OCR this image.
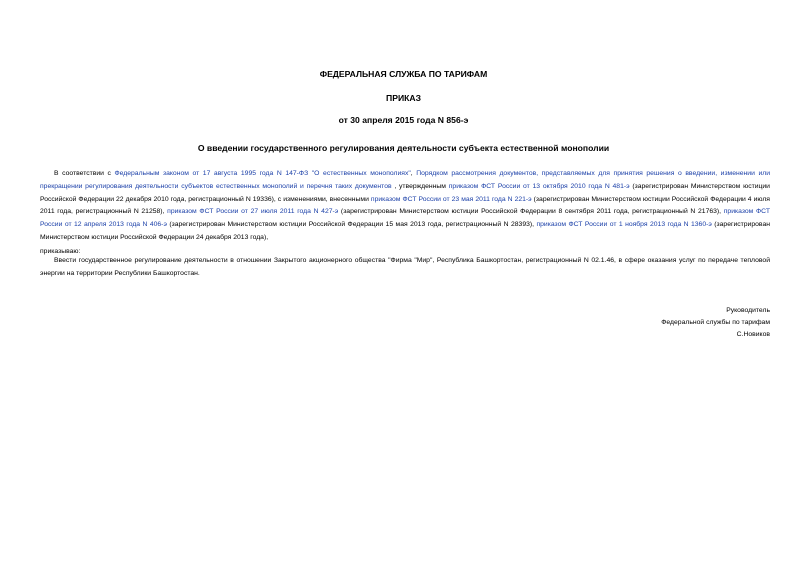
ФЕДЕРАЛЬНАЯ СЛУЖБА ПО ТАРИФАМ
ПРИКАЗ
от 30 апреля 2015 года N 856-э
О введении государственного регулирования деятельности субъекта естественной монополии
В соответствии с Федеральным законом от 17 августа 1995 года N 147-ФЗ "О естественных монополиях", Порядком рассмотрения документов, представляемых для принятия решения о введении, изменении или прекращении регулирования деятельности субъектов естественных монополий и перечня таких документов , утвержденным приказом ФСТ России от 13 октября 2010 года N 481-э (зарегистрирован Министерством юстиции Российской Федерации 22 декабря 2010 года, регистрационный N 19336), с изменениями, внесенными приказом ФСТ России от 23 мая 2011 года N 221-э (зарегистрирован Министерством юстиции Российской Федерации 4 июля 2011 года, регистрационный N 21258), приказом ФСТ России от 27 июля 2011 года N 427-э (зарегистрирован Министерством юстиции Российской Федерации 8 сентября 2011 года, регистрационный N 21763), приказом ФСТ России от 12 апреля 2013 года N 406-э (зарегистрирован Министерством юстиции Российской Федерации 15 мая 2013 года, регистрационный N 28393), приказом ФСТ России от 1 ноября 2013 года N 1360-э (зарегистрирован Министерством юстиции Российской Федерации 24 декабря 2013 года),
приказываю:
Ввести государственное регулирование деятельности в отношении Закрытого акционерного общества "Фирма "Мир", Республика Башкортостан, регистрационный N 02.1.46, в сфере оказания услуг по передаче тепловой энергии на территории Республики Башкортостан.
Руководитель
Федеральной службы по тарифам
С.Новиков
